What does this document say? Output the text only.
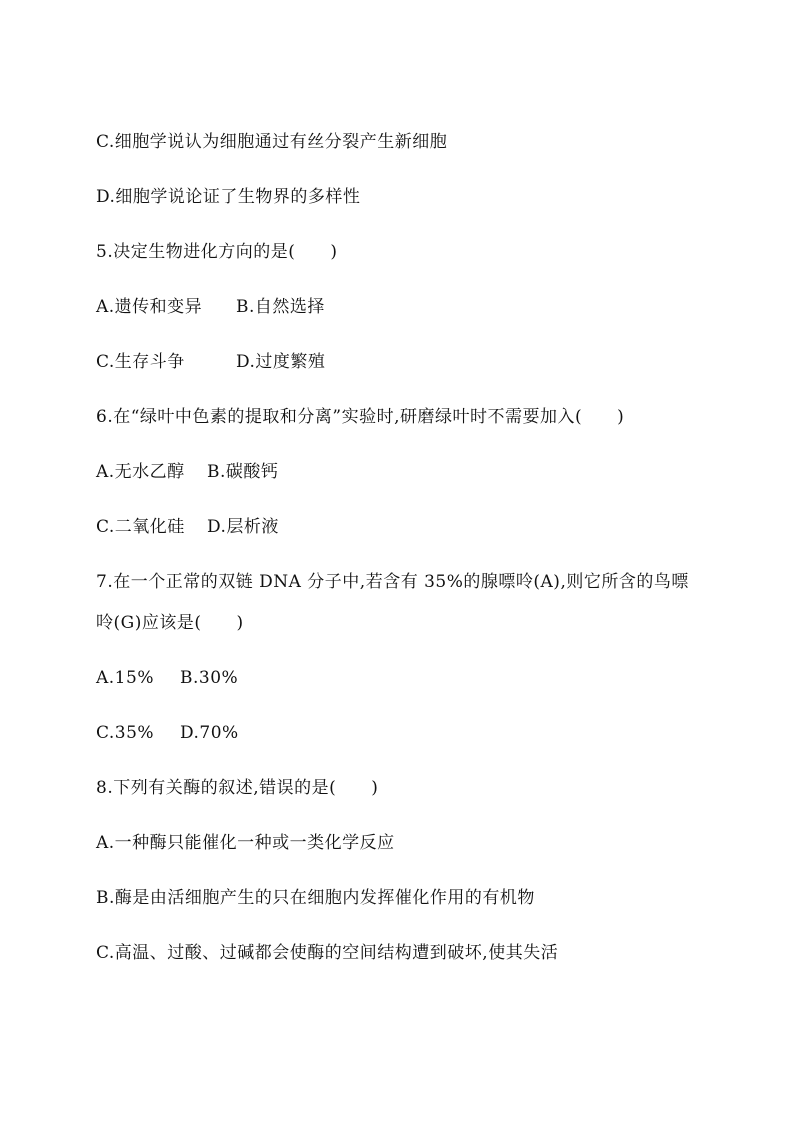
C.细胞学说认为细胞通过有丝分裂产生新细胞
D.细胞学说论证了生物界的多样性
5.决定生物进化方向的是(　　)
A.遗传和变异 B.自然选择
C.生存斗争	D.过度繁殖
6.在“绿叶中色素的提取和分离”实验时,研磨绿叶时不需要加入(　　)
A.无水乙醇 B.碳酸钙
C.二氧化硅 D.层析液
7.在一个正常的双链 DNA 分子中,若含有 35%的腺嘌呤(A),则它所含的鸟嘌
呤(G)应该是(　　)
A.15% B.30%
C.35% D.70%
8.下列有关酶的叙述,错误的是(　　)
A.一种酶只能催化一种或一类化学反应
B.酶是由活细胞产生的只在细胞内发挥催化作用的有机物
C.高温、过酸、过碱都会使酶的空间结构遭到破坏,使其失活
